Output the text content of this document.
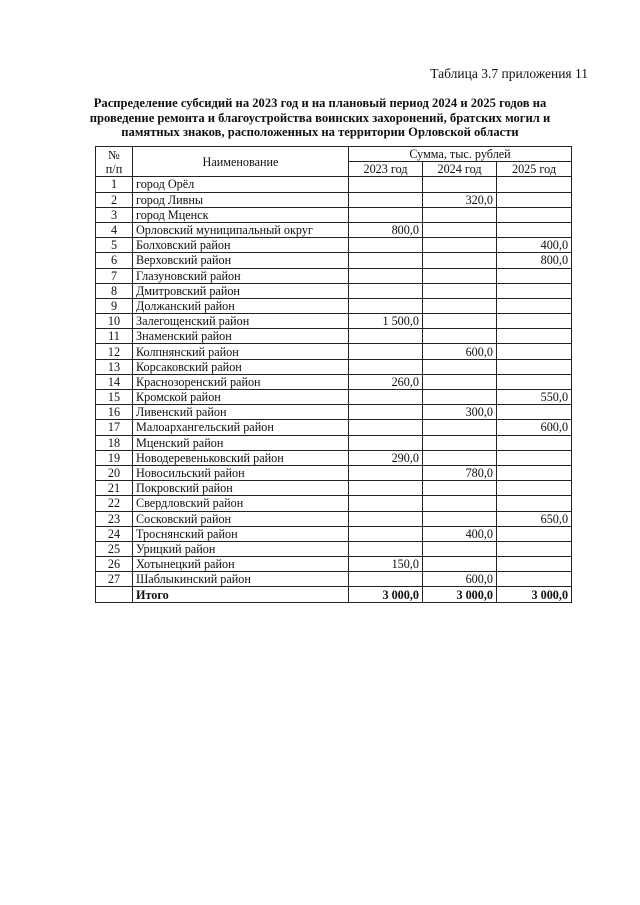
Таблица 3.7 приложения 11
Распределение субсидий на 2023 год и на плановый период 2024 и 2025 годов на проведение ремонта и благоустройства воинских захоронений, братских могил и памятных знаков, расположенных на территории Орловской области
№
п/п	Наименование	Сумма, тыс. рублей		
		2023 год	2024 год	2025 год
1	город Орёл			
2	город Ливны		320,0	
3	город Мценск			
4	Орловский муниципальный округ	800,0		
5	Болховский район			400,0
6	Верховский район			800,0
7	Глазуновский район			
8	Дмитровский район			
9	Должанский район			
10	Залегощенский район	1 500,0		
11	Знаменский район			
12	Колпнянский район		600,0	
13	Корсаковский район			
14	Краснозоренский район	260,0		
15	Кромской район			550,0
16	Ливенский район		300,0	
17	Малоархангельский район			600,0
18	Мценский район			
19	Новодеревеньковский район	290,0		
20	Новосильский район		780,0	
21	Покровский район			
22	Свердловский район			
23	Сосковский район			650,0
24	Троснянский район		400,0	
25	Урицкий район			
26	Хотынецкий район	150,0		
27	Шаблыкинский район		600,0	
	Итого	3 000,0	3 000,0	3 000,0
